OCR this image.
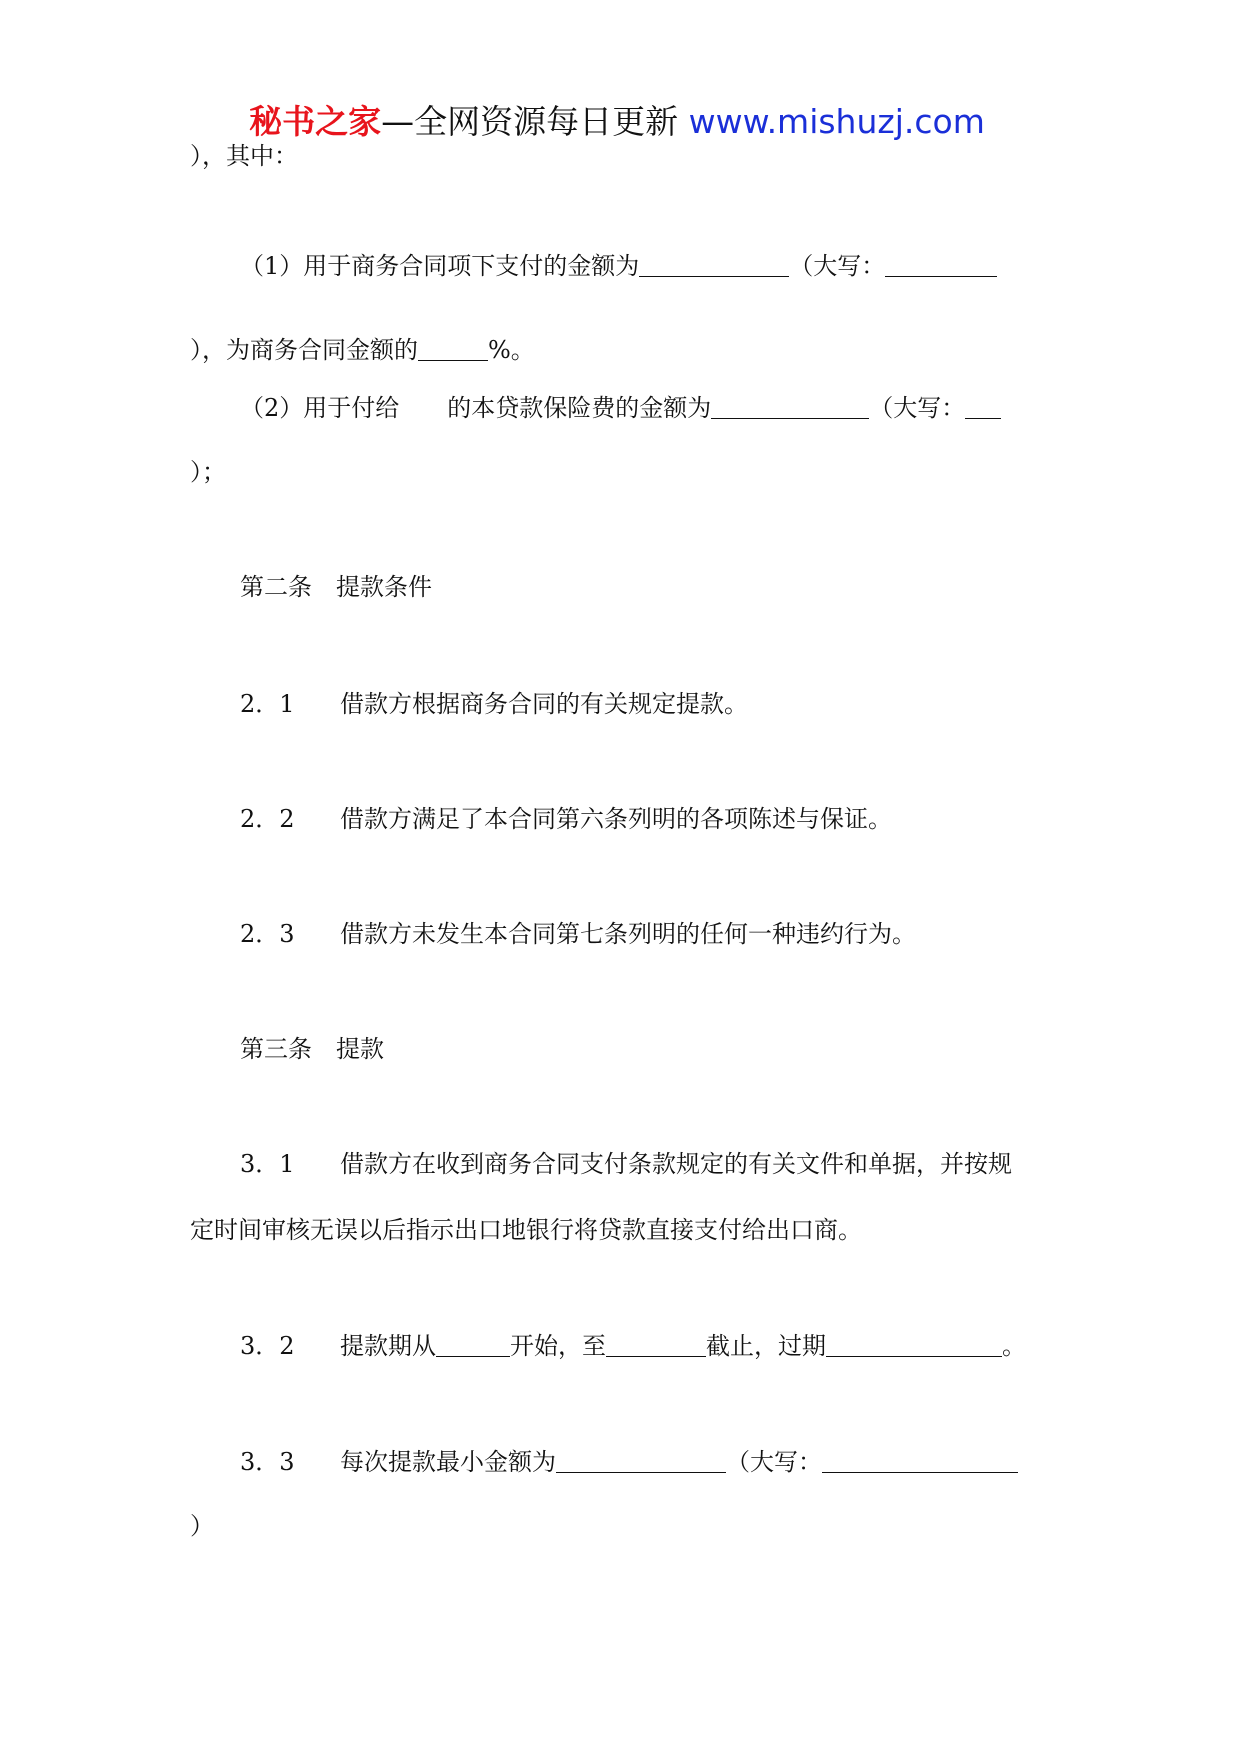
秘书之家—全网资源每日更新 www.mishuzj.com
），其中：
（1）用于商务合同项下支付的金额为	（大写：
），为商务合同金额的	%。
（2）用于付给 的本贷款保险费的金额为	（大写：
）；
第二条　提款条件
2．1 借款方根据商务合同的有关规定提款。
2．2 借款方满足了本合同第六条列明的各项陈述与保证。
2．3 借款方未发生本合同第七条列明的任何一种违约行为。
第三条　提款
3．1 借款方在收到商务合同支付条款规定的有关文件和单据，并按规
定时间审核无误以后指示出口地银行将贷款直接支付给出口商。
3．2 提款期从	开始，至	截止，过期	。
3．3 每次提款最小金额为	（大写：
）
